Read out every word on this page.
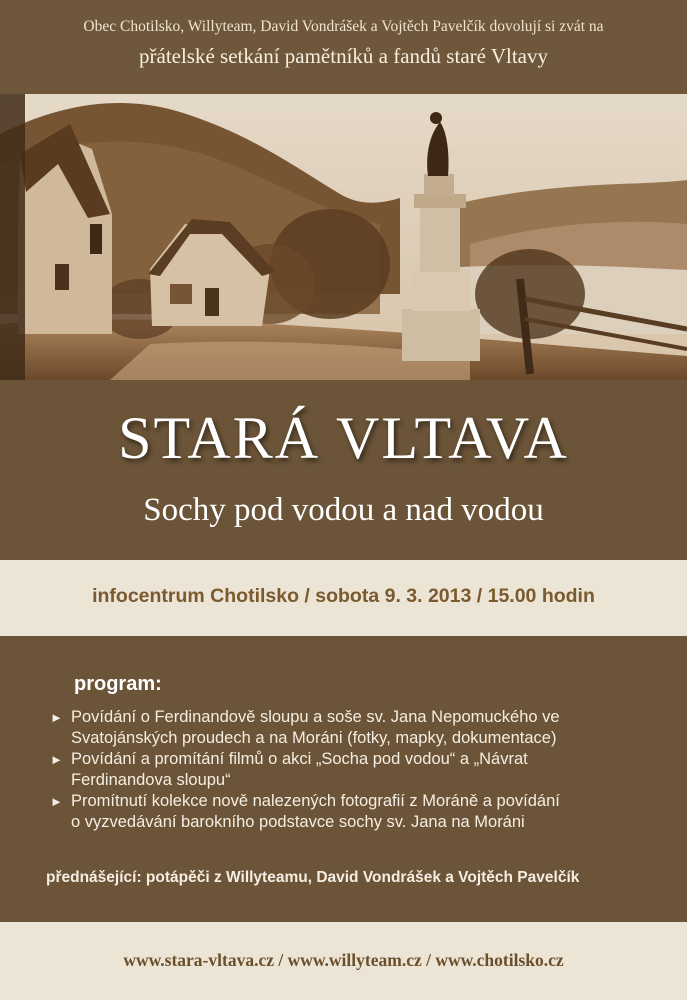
Obec Chotilsko, Willyteam, David Vondrášek a Vojtěch Pavelčík dovolují si zvát na
přátelské setkání pamětníků a fandů staré Vltavy
STARÁ VLTAVA
Sochy pod vodou a nad vodou
infocentrum Chotilsko / sobota 9. 3. 2013 / 15.00 hodin
program:
► Povídání o Ferdinandově sloupu a soše sv. Jana Nepomuckého ve
Svatojánských proudech a na Moráni (fotky, mapky, dokumentace)
► Povídání a promítání filmů o akci „Socha pod vodou“ a „Návrat
Ferdinandova sloupu“
► Promítnutí kolekce nově nalezených fotografií z Moráně a povídání
o vyzvedávání barokního podstavce sochy sv. Jana na Moráni
přednášející: potápěči z Willyteamu, David Vondrášek a Vojtěch Pavelčík
www.stara-vltava.cz / www.willyteam.cz / www.chotilsko.cz
